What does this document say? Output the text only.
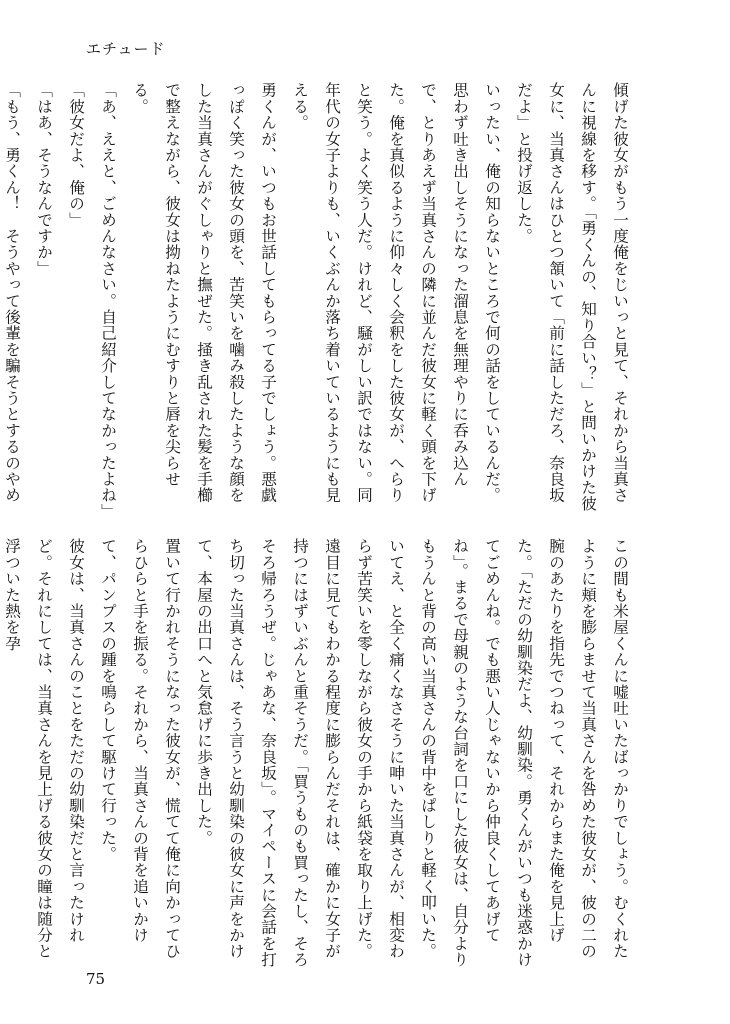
エチュード

傾げた彼女がもう一度俺をじいっと見て、それから当真さんに視線を移す。「勇くんの、知り合い？」と問いかけた彼女に、当真さんはひとつ頷いて「前に話しただろ、奈良坂だよ」と投げ返した。

いったい、俺の知らないところで何の話をしているんだ。思わず吐き出しそうになった溜息を無理やりに呑み込んで、とりあえず当真さんの隣に並んだ彼女に軽く頭を下げた。俺を真似るように仰々しく会釈をした彼女が、へらりと笑う。よく笑う人だ。けれど、騒がしい訳ではない。同年代の女子よりも、いくぶんか落ち着いているようにも見える。

勇くんが、いつもお世話してもらってる子でしょう。悪戯っぽく笑った彼女の頭を、苦笑いを噛み殺したような顔をした当真さんがぐしゃりと撫ぜた。掻き乱された髪を手櫛で整えながら、彼女は拗ねたようにむすりと唇を尖らせる。

「あ、ええと、ごめんなさい。自己紹介してなかったよね」

「彼女だよ、俺の」

「はあ、そうなんですか」

「もう、勇くん！　そうやって後輩を騙そうとするのやめ

この間も米屋くんに嘘吐いたばっかりでしょう。むくれたように頬を膨らませて当真さんを咎めた彼女が、彼の二の腕のあたりを指先でつねって、それからまた俺を見上げた。「ただの幼馴染だよ、幼馴染。勇くんがいつも迷惑かけてごめんね。でも悪い人じゃないから仲良くしてあげてね」。まるで母親のような台詞を口にした彼女は、自分よりもうんと背の高い当真さんの背中をぱしりと軽く叩いた。

いてえ、と全く痛くなさそうに呻いた当真さんが、相変わらず苦笑いを零しながら彼女の手から紙袋を取り上げた。遠目に見てもわかる程度に膨らんだそれは、確かに女子が持つにはずいぶんと重そうだ。「買うものも買ったし、そろそろ帰ろうぜ。じゃあな、奈良坂」。マイペースに会話を打ち切った当真さんは、そう言うと幼馴染の彼女に声をかけて、本屋の出口へと気怠げに歩き出した。

置いて行かれそうになった彼女が、慌てて俺に向かってひらひらと手を振る。それから、当真さんの背を追いかけて、パンプスの踵を鳴らして駆けて行った。

彼女は、当真さんのことをただの幼馴染だと言ったけれど。それにしては、当真さんを見上げる彼女の瞳は随分と浮ついた熱を孕

75
